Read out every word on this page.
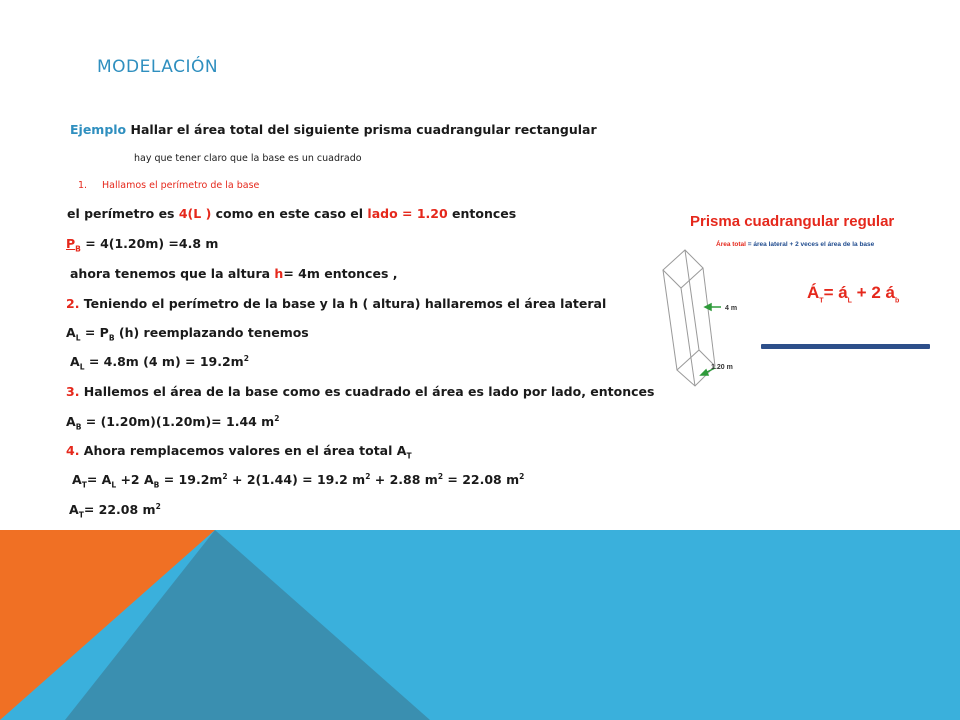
MODELACIÓN
Ejemplo Hallar el área total del siguiente prisma cuadrangular rectangular
hay que tener claro que la base es un cuadrado
1. Hallamos el perímetro de la base
el perímetro es 4(L ) como en este caso el lado = 1.20 entonces
$P_B = 4(1.20m) =4.8$ m
ahora tenemos que la altura h= 4m entonces ,
2. Teniendo el perímetro de la base y la h ( altura) hallaremos el área lateral
$A_L = P_B$ (h) reemplazando tenemos
$A_L = 4.8m$ (4 $m) = 19.2m^2$
3. Hallemos el área de la base como es cuadrado el área es lado por lado, entonces
$A_B = (1.20m)(1.20m)= 1.44$ $m^2$
4. Ahora remplacemos valores en el área total $A_T$
$A_T= A_L +2$ $A_B = 19.2m^2 + 2(1.44) = 19.2$ $m^2 + 2.88$ $m^2 = 22.08$ $m^2$
$A_T= 22.08$ $m^2$
Prisma cuadrangular regular
Área total = área lateral + 2 veces el área de la base
4 m
1.20 m
$Á_T=$ $á_L + 2$ $á_b$
